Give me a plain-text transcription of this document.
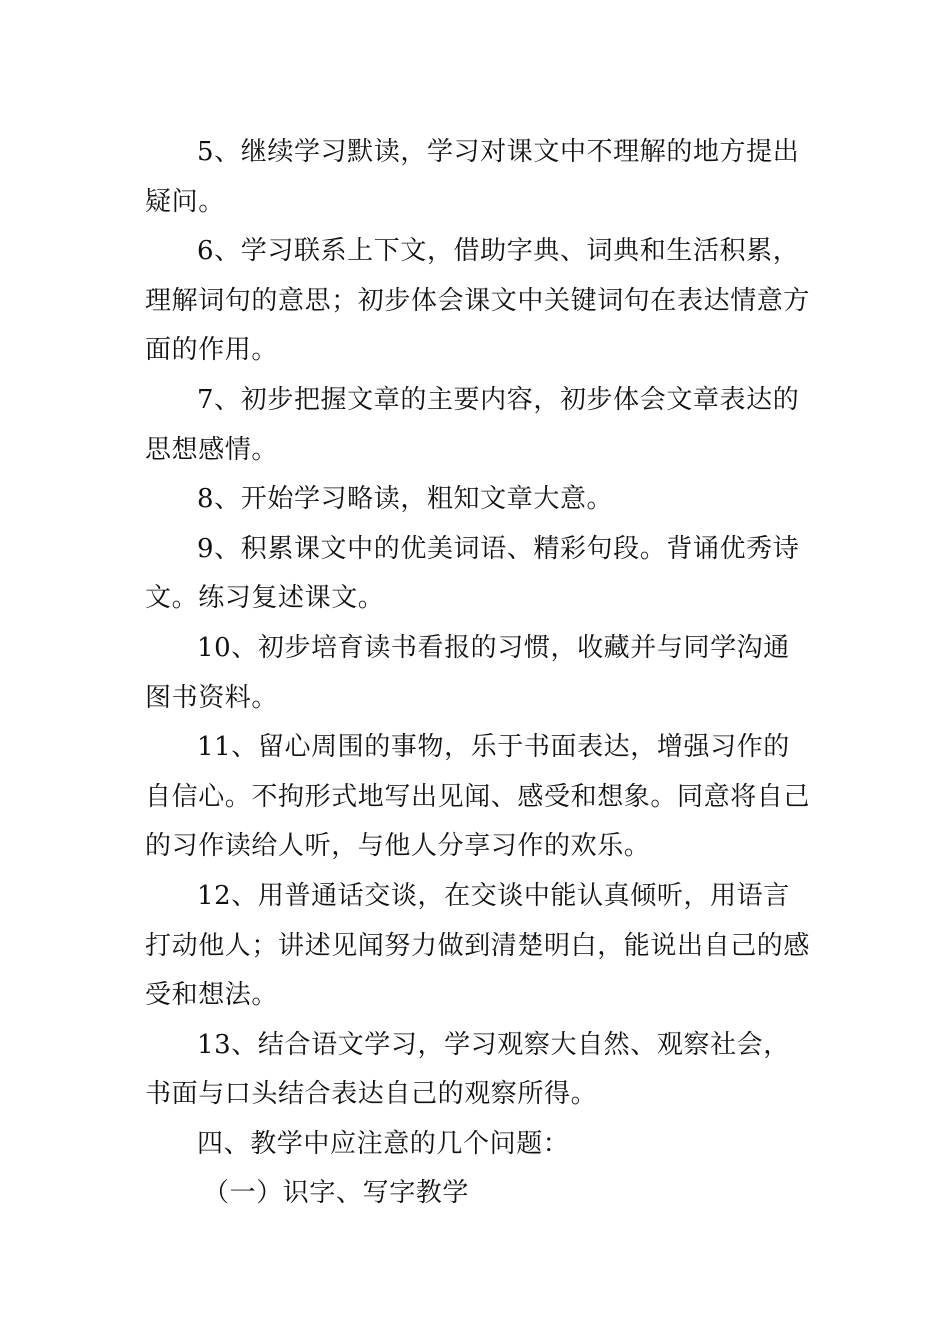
5、继续学习默读，学习对课文中不理解的地方提出疑问。

6、学习联系上下文，借助字典、词典和生活积累，理解词句的意思；初步体会课文中关键词句在表达情意方面的作用。

7、初步把握文章的主要内容，初步体会文章表达的思想感情。

8、开始学习略读，粗知文章大意。

9、积累课文中的优美词语、精彩句段。背诵优秀诗文。练习复述课文。

10、初步培育读书看报的习惯，收藏并与同学沟通图书资料。

11、留心周围的事物，乐于书面表达，增强习作的自信心。不拘形式地写出见闻、感受和想象。同意将自己的习作读给人听，与他人分享习作的欢乐。

12、用普通话交谈，在交谈中能认真倾听，用语言打动他人；讲述见闻努力做到清楚明白，能说出自己的感受和想法。

13、结合语文学习，学习观察大自然、观察社会，书面与口头结合表达自己的观察所得。

四、教学中应注意的几个问题：

（一）识字、写字教学
